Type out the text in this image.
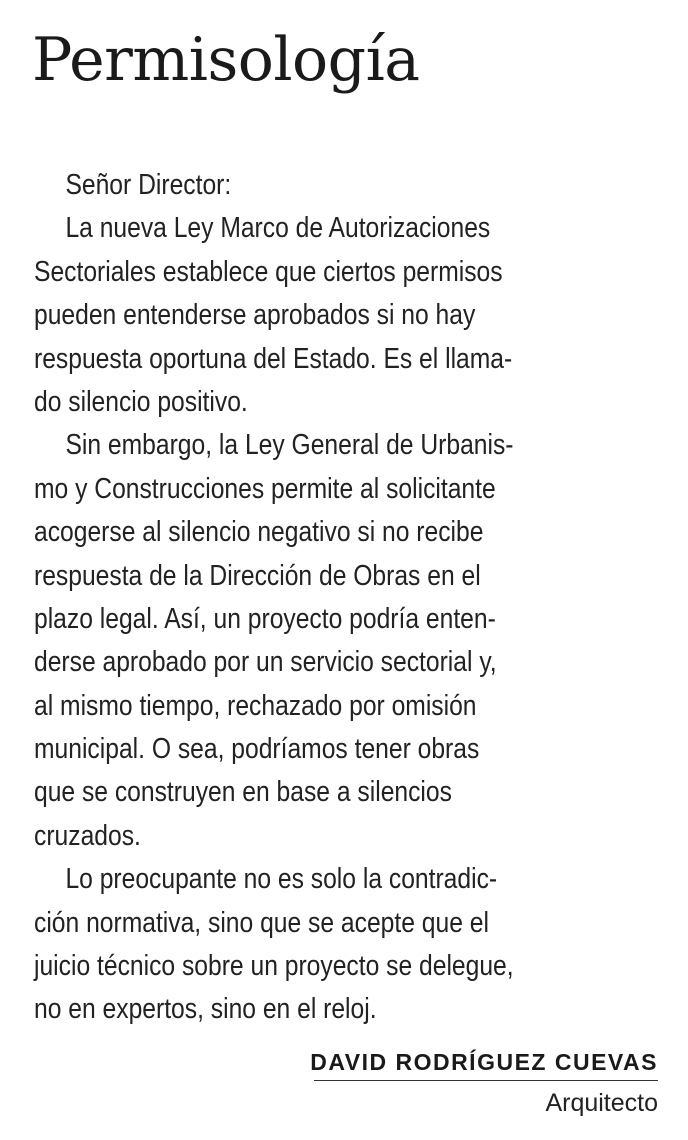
Permisología
Señor Director:
La nueva Ley Marco de Autorizaciones
Sectoriales establece que ciertos permisos
pueden entenderse aprobados si no hay
respuesta oportuna del Estado. Es el llama-
do silencio positivo.
Sin embargo, la Ley General de Urbanis-
mo y Construcciones permite al solicitante
acogerse al silencio negativo si no recibe
respuesta de la Dirección de Obras en el
plazo legal. Así, un proyecto podría enten-
derse aprobado por un servicio sectorial y,
al mismo tiempo, rechazado por omisión
municipal. O sea, podríamos tener obras
que se construyen en base a silencios
cruzados.
Lo preocupante no es solo la contradic-
ción normativa, sino que se acepte que el
juicio técnico sobre un proyecto se delegue,
no en expertos, sino en el reloj.
DAVID RODRÍGUEZ CUEVAS
Arquitecto
